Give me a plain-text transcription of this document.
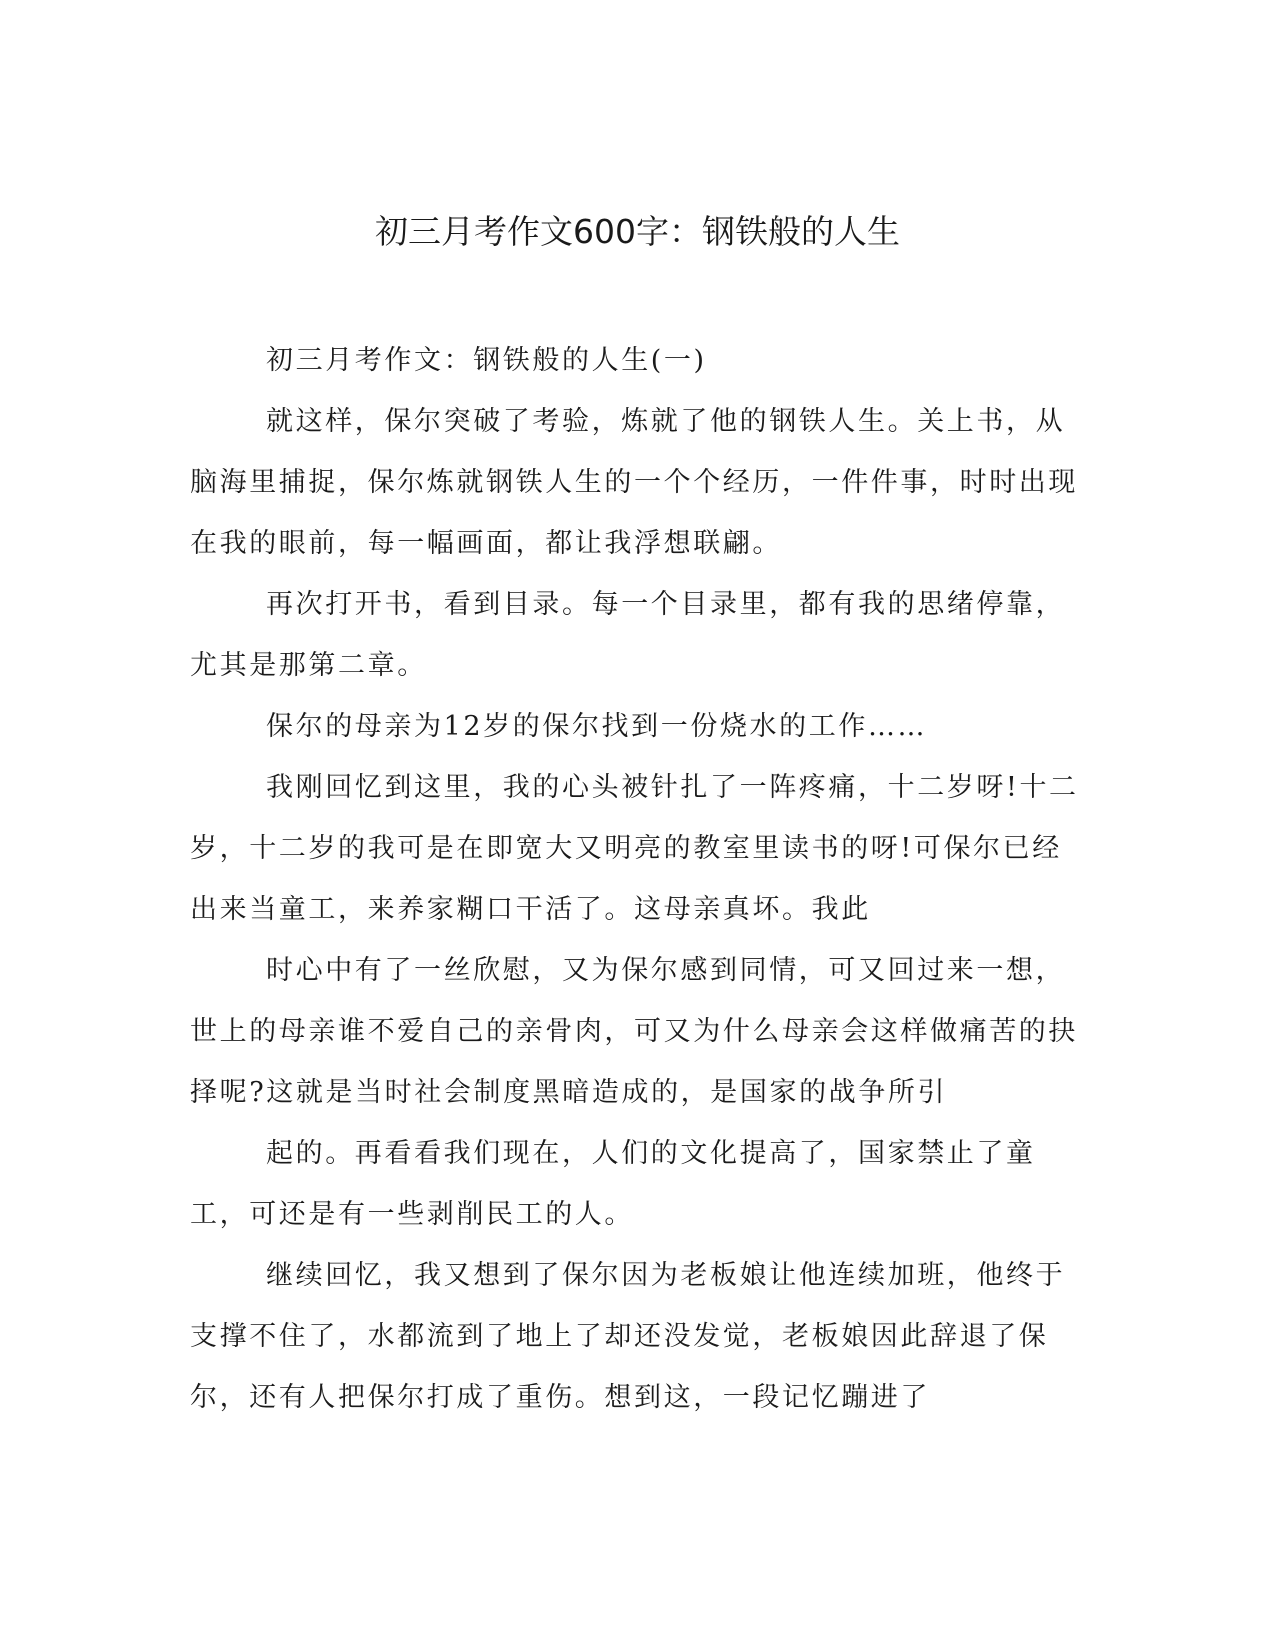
初三月考作文600字：钢铁般的人生

初三月考作文：钢铁般的人生(一)

就这样，保尔突破了考验，炼就了他的钢铁人生。关上书，从脑海里捕捉，保尔炼就钢铁人生的一个个经历，一件件事，时时出现在我的眼前，每一幅画面，都让我浮想联翩。

再次打开书，看到目录。每一个目录里，都有我的思绪停靠，尤其是那第二章。

保尔的母亲为12岁的保尔找到一份烧水的工作……

我刚回忆到这里，我的心头被针扎了一阵疼痛，十二岁呀!十二岁，十二岁的我可是在即宽大又明亮的教室里读书的呀!可保尔已经出来当童工，来养家糊口干活了。这母亲真坏。我此

时心中有了一丝欣慰，又为保尔感到同情，可又回过来一想，世上的母亲谁不爱自己的亲骨肉，可又为什么母亲会这样做痛苦的抉择呢?这就是当时社会制度黑暗造成的，是国家的战争所引

起的。再看看我们现在，人们的文化提高了，国家禁止了童工，可还是有一些剥削民工的人。

继续回忆，我又想到了保尔因为老板娘让他连续加班，他终于支撑不住了，水都流到了地上了却还没发觉，老板娘因此辞退了保尔，还有人把保尔打成了重伤。想到这，一段记忆蹦进了
